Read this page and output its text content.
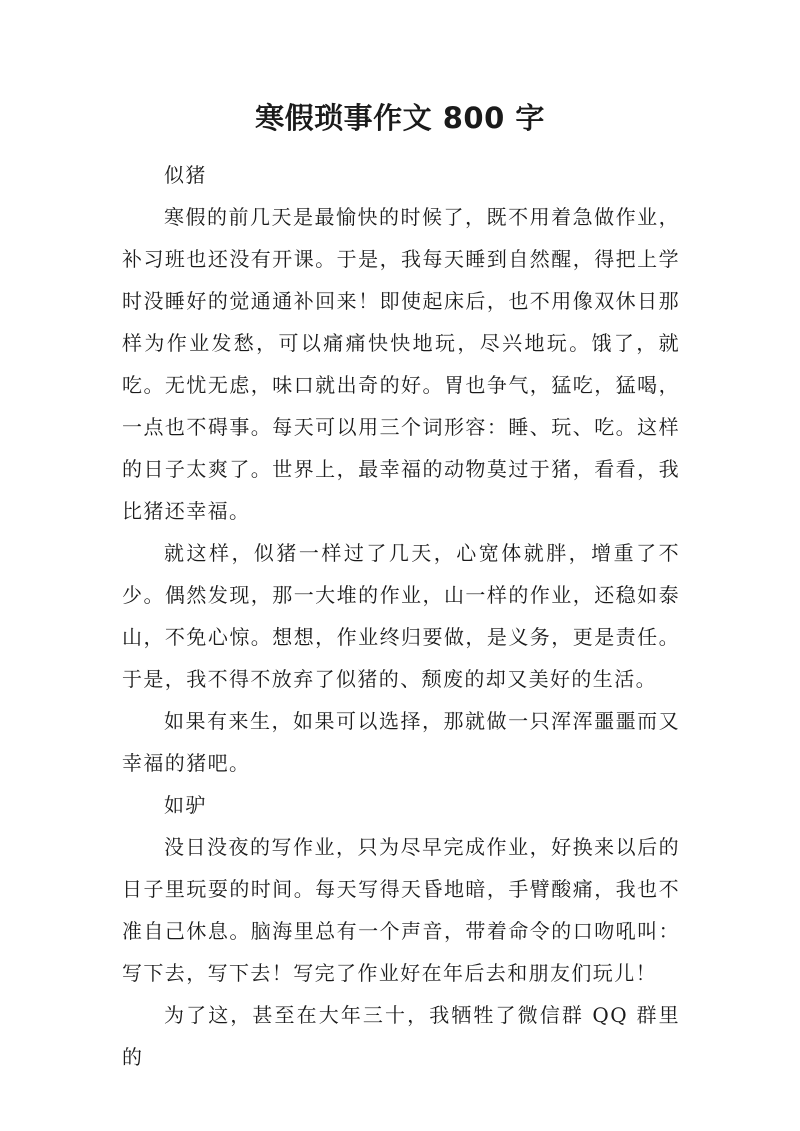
寒假琐事作文 800 字

似猪

寒假的前几天是最愉快的时候了，既不用着急做作业，补习班也还没有开课。于是，我每天睡到自然醒，得把上学时没睡好的觉通通补回来！即使起床后，也不用像双休日那样为作业发愁，可以痛痛快快地玩，尽兴地玩。饿了，就吃。无忧无虑，味口就出奇的好。胃也争气，猛吃，猛喝，一点也不碍事。每天可以用三个词形容：睡、玩、吃。这样的日子太爽了。世界上，最幸福的动物莫过于猪，看看，我比猪还幸福。

就这样，似猪一样过了几天，心宽体就胖，增重了不少。偶然发现，那一大堆的作业，山一样的作业，还稳如泰山，不免心惊。想想，作业终归要做，是义务，更是责任。于是，我不得不放弃了似猪的、颓废的却又美好的生活。

如果有来生，如果可以选择，那就做一只浑浑噩噩而又幸福的猪吧。

如驴

没日没夜的写作业，只为尽早完成作业，好换来以后的日子里玩耍的时间。每天写得天昏地暗，手臂酸痛，我也不准自己休息。脑海里总有一个声音，带着命令的口吻吼叫：写下去，写下去！写完了作业好在年后去和朋友们玩儿！

为了这，甚至在大年三十，我牺牲了微信群 QQ 群里的
